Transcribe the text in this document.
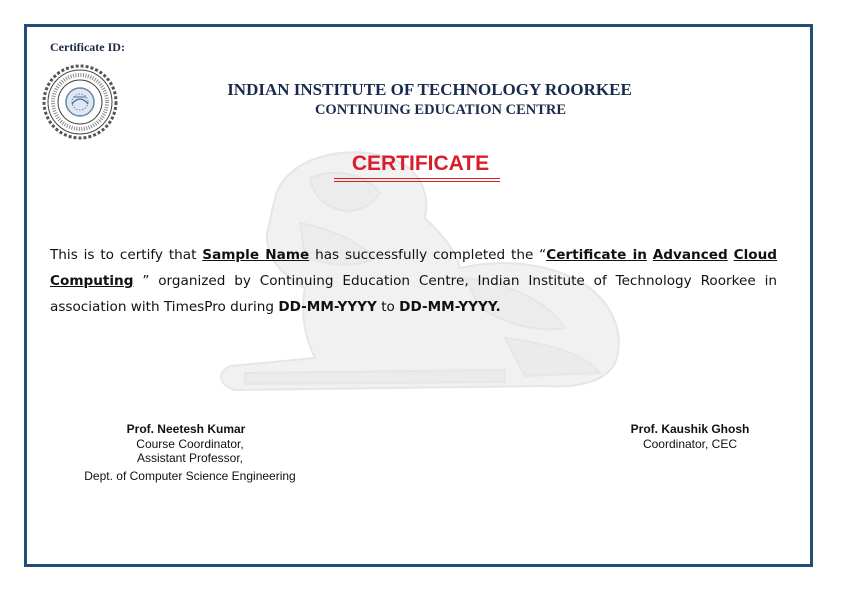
Certificate ID:
INDIAN INSTITUTE OF TECHNOLOGY ROORKEE
CONTINUING EDUCATION CENTRE
CERTIFICATE
This is to certify that Sample Name has successfully completed the “Certificate in Advanced Cloud Computing ” organized by Continuing Education Centre, Indian Institute of Technology Roorkee in association with TimesPro during DD-MM-YYYY to DD-MM-YYYY.
Prof. Neetesh Kumar
Course Coordinator,
Assistant Professor,
Dept. of Computer Science Engineering
Prof. Kaushik Ghosh
Coordinator, CEC
